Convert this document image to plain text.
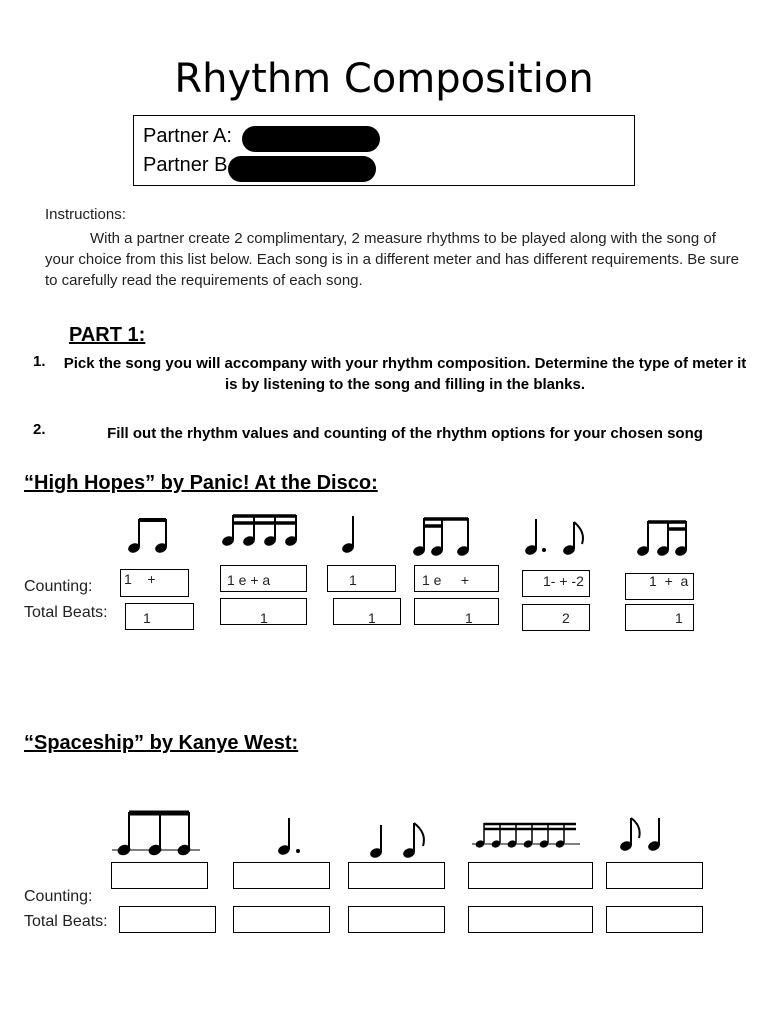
Rhythm Composition
Partner A:
Partner B
Instructions:
With a partner create 2 complimentary, 2 measure rhythms to be played along with the song of your choice from this list below. Each song is in a different meter and has different requirements. Be sure to carefully read the requirements of each song.
PART 1:
1. Pick the song you will accompany with your rhythm composition. Determine the type of meter it is by listening to the song and filling in the blanks.
2.	Fill out the rhythm values and counting of the rhythm options for your chosen song
“High Hopes” by Panic! At the Disco:
Counting:
Total Beats:
1    +	1 e + a	1	1 e     +	1- + -2	1  +  a
1	1	1	1	2	1
“Spaceship” by Kanye West:
Counting:
Total Beats:
